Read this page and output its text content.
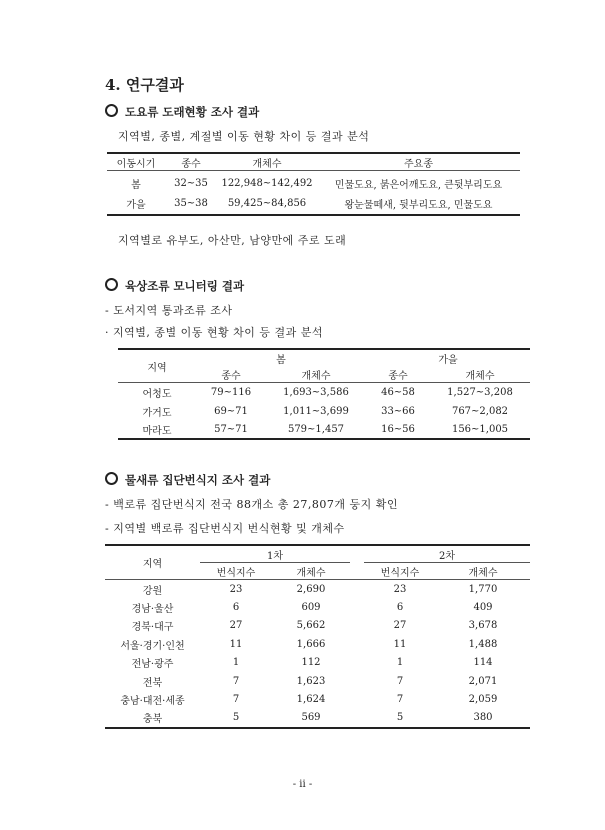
4. 연구결과
도요류 도래현황 조사 결과
지역별, 종별, 계절별 이동 현황 차이 등 결과 분석
이동시기	종수	개체수	주요종
봄	32~35	122,948~142,492	민물도요, 붉은어깨도요, 큰뒷부리도요
가을	35~38	59,425~84,856	왕눈물떼새, 뒷부리도요, 민물도요
지역별로 유부도, 아산만, 남양만에 주로 도래
육상조류 모니터링 결과
- 도서지역 통과조류 조사
· 지역별, 종별 이동 현황 차이 등 결과 분석
지역	봄		가을	
	종수	개체수	종수	개체수
어청도	79~116	1,693~3,586	46~58	1,527~3,208
가거도	69~71	1,011~3,699	33~66	767~2,082
마라도	57~71	579~1,457	16~56	156~1,005
물새류 집단번식지 조사 결과
- 백로류 집단번식지 전국 88개소 총 27,807개 둥지 확인
- 지역별 백로류 집단번식지 번식현황 및 개체수
지역	1차			2차	
	번식지수	개체수		번식지수	개체수
강원	23	2,690		23	1,770
경남·울산	6	609		6	409
경북·대구	27	5,662		27	3,678
서울·경기·인천	11	1,666		11	1,488
전남·광주	1	112		1	114
전북	7	1,623		7	2,071
충남·대전·세종	7	1,624		7	2,059
충북	5	569		5	380
- ii -
